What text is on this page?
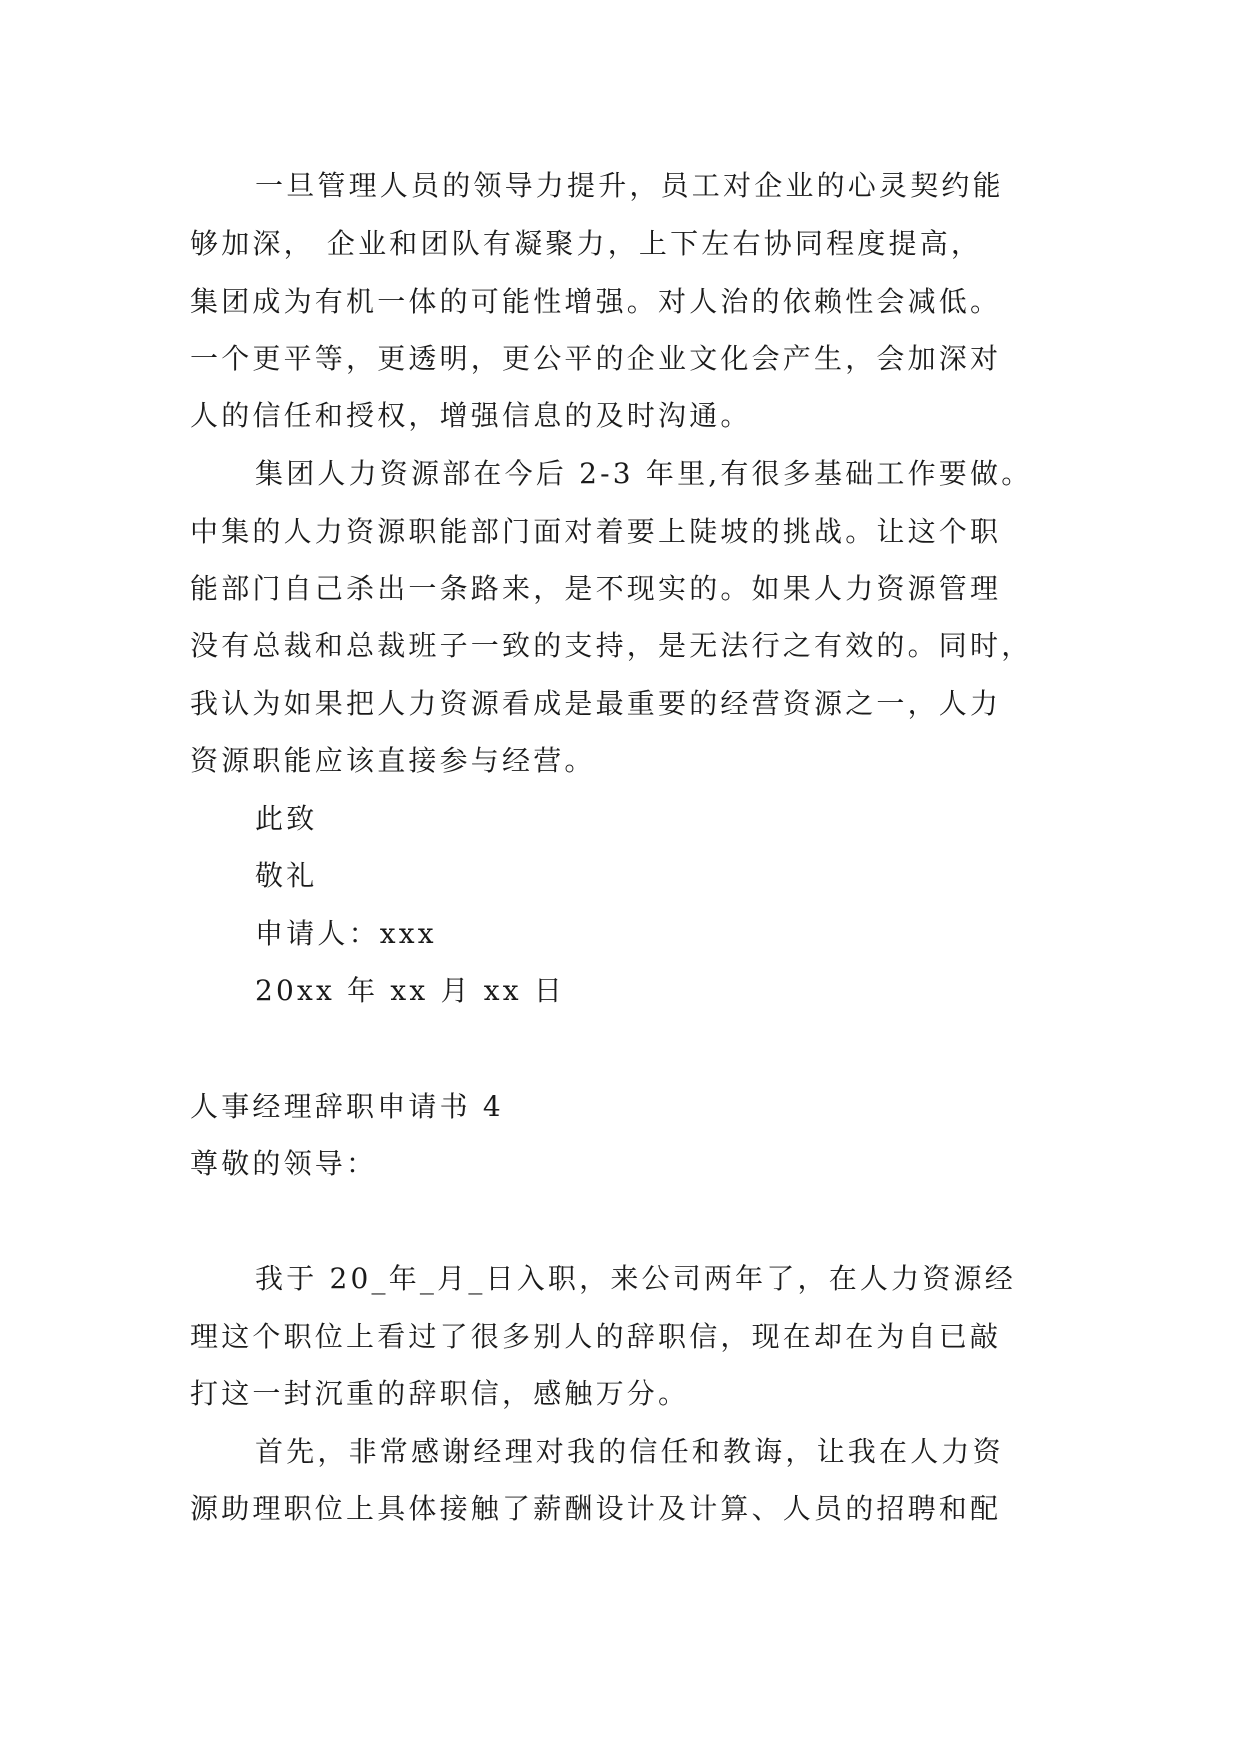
一旦管理人员的领导力提升，员工对企业的心灵契约能
够加深， 企业和团队有凝聚力，上下左右协同程度提高，
集团成为有机一体的可能性增强。对人治的依赖性会减低。
一个更平等，更透明，更公平的企业文化会产生，会加深对
人的信任和授权，增强信息的及时沟通。
集团人力资源部在今后 2-3 年里,有很多基础工作要做。
中集的人力资源职能部门面对着要上陡坡的挑战。让这个职
能部门自己杀出一条路来，是不现实的。如果人力资源管理
没有总裁和总裁班子一致的支持，是无法行之有效的。同时，
我认为如果把人力资源看成是最重要的经营资源之一，人力
资源职能应该直接参与经营。
此致
敬礼
申请人：xxx
20xx 年 xx 月 xx 日
人事经理辞职申请书 4
尊敬的领导：
我于 20_年_月_日入职，来公司两年了，在人力资源经
理这个职位上看过了很多别人的辞职信，现在却在为自已敲
打这一封沉重的辞职信，感触万分。
首先，非常感谢经理对我的信任和教诲，让我在人力资
源助理职位上具体接触了薪酬设计及计算、人员的招聘和配
